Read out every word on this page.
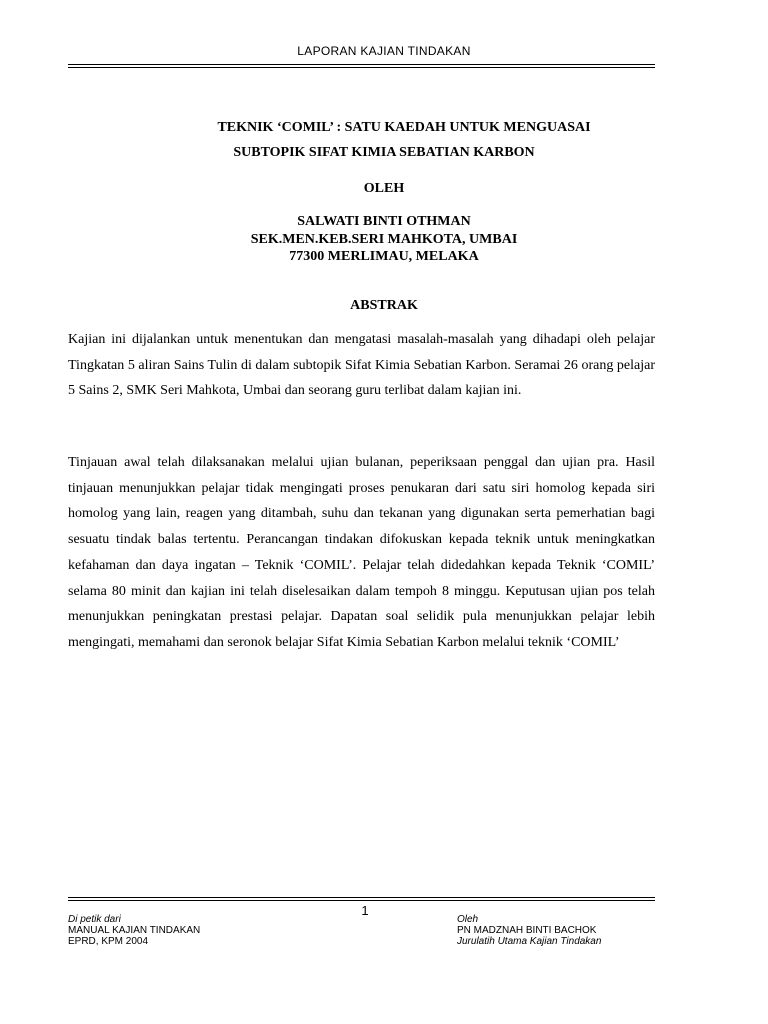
LAPORAN KAJIAN TINDAKAN
TEKNIK ‘COMIL’ : SATU KAEDAH UNTUK MENGUASAI
SUBTOPIK SIFAT KIMIA SEBATIAN KARBON
OLEH
SALWATI BINTI OTHMAN
SEK.MEN.KEB.SERI MAHKOTA, UMBAI
77300 MERLIMAU, MELAKA
ABSTRAK

Kajian ini dijalankan untuk menentukan dan mengatasi masalah-masalah yang dihadapi oleh pelajar Tingkatan 5 aliran Sains Tulin di dalam subtopik Sifat Kimia Sebatian Karbon. Seramai 26 orang pelajar 5 Sains 2, SMK Seri Mahkota, Umbai dan seorang guru terlibat dalam kajian ini.

Tinjauan awal telah dilaksanakan melalui ujian bulanan, peperiksaan penggal dan ujian pra. Hasil tinjauan menunjukkan pelajar tidak mengingati proses penukaran dari satu siri homolog kepada siri homolog yang lain, reagen yang ditambah, suhu dan tekanan yang digunakan serta pemerhatian bagi sesuatu tindak balas tertentu. Perancangan tindakan difokuskan kepada teknik untuk meningkatkan kefahaman dan daya ingatan – Teknik ‘COMIL’. Pelajar telah didedahkan kepada Teknik ‘COMIL’ selama 80 minit dan kajian ini telah diselesaikan dalam tempoh 8 minggu. Keputusan ujian pos telah menunjukkan peningkatan prestasi pelajar. Dapatan soal selidik pula menunjukkan pelajar lebih mengingati, memahami dan seronok belajar Sifat Kimia Sebatian Karbon melalui teknik ‘COMIL’

1
Di petik dari
MANUAL KAJIAN TINDAKAN
EPRD, KPM 2004
Oleh
PN MADZNAH BINTI BACHOK
Jurulatih Utama Kajian Tindakan
